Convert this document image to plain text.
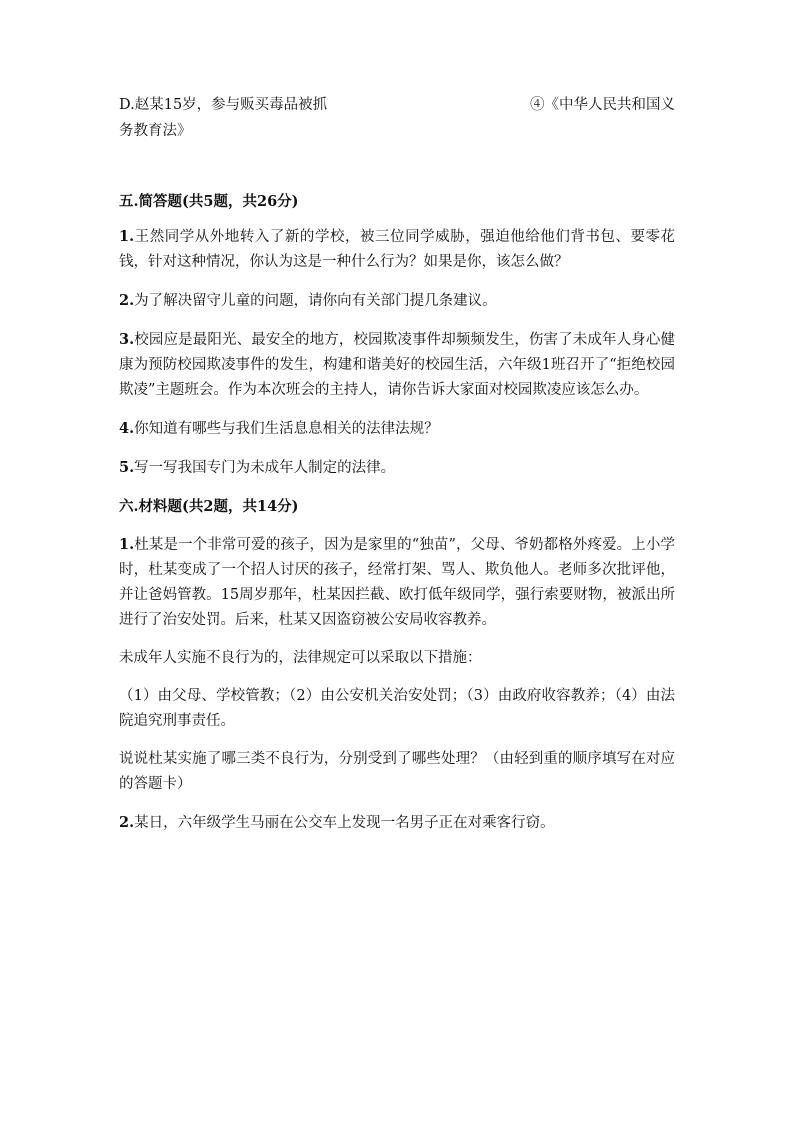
D.赵某15岁，参与贩买毒品被抓	④《中华人民共和国义
务教育法》
五.简答题(共5题，共26分)

1.王然同学从外地转入了新的学校，被三位同学威胁，强迫他给他们背书包、要零花钱，针对这种情况，你认为这是一种什么行为？如果是你，该怎么做？

2.为了解决留守儿童的问题，请你向有关部门提几条建议。

3.校园应是最阳光、最安全的地方，校园欺凌事件却频频发生，伤害了未成年人身心健康为预防校园欺凌事件的发生，构建和谐美好的校园生活，六年级1班召开了“拒绝校园欺凌”主题班会。作为本次班会的主持人，请你告诉大家面对校园欺凌应该怎么办。

4.你知道有哪些与我们生活息息相关的法律法规？

5.写一写我国专门为未成年人制定的法律。

六.材料题(共2题，共14分)

1.杜某是一个非常可爱的孩子，因为是家里的“独苗”，父母、爷奶都格外疼爱。上小学时，杜某变成了一个招人讨厌的孩子，经常打架、骂人、欺负他人。老师多次批评他，并让爸妈管教。15周岁那年，杜某因拦截、欧打低年级同学，强行索要财物，被派出所进行了治安处罚。后来，杜某又因盗窃被公安局收容教养。

未成年人实施不良行为的，法律规定可以采取以下措施：

（1）由父母、学校管教；（2）由公安机关治安处罚；（3）由政府收容教养；（4）由法院追究刑事责任。

说说杜某实施了哪三类不良行为，分别受到了哪些处理？（由轻到重的顺序填写在对应的答题卡）

2.某日，六年级学生马丽在公交车上发现一名男子正在对乘客行窃。
